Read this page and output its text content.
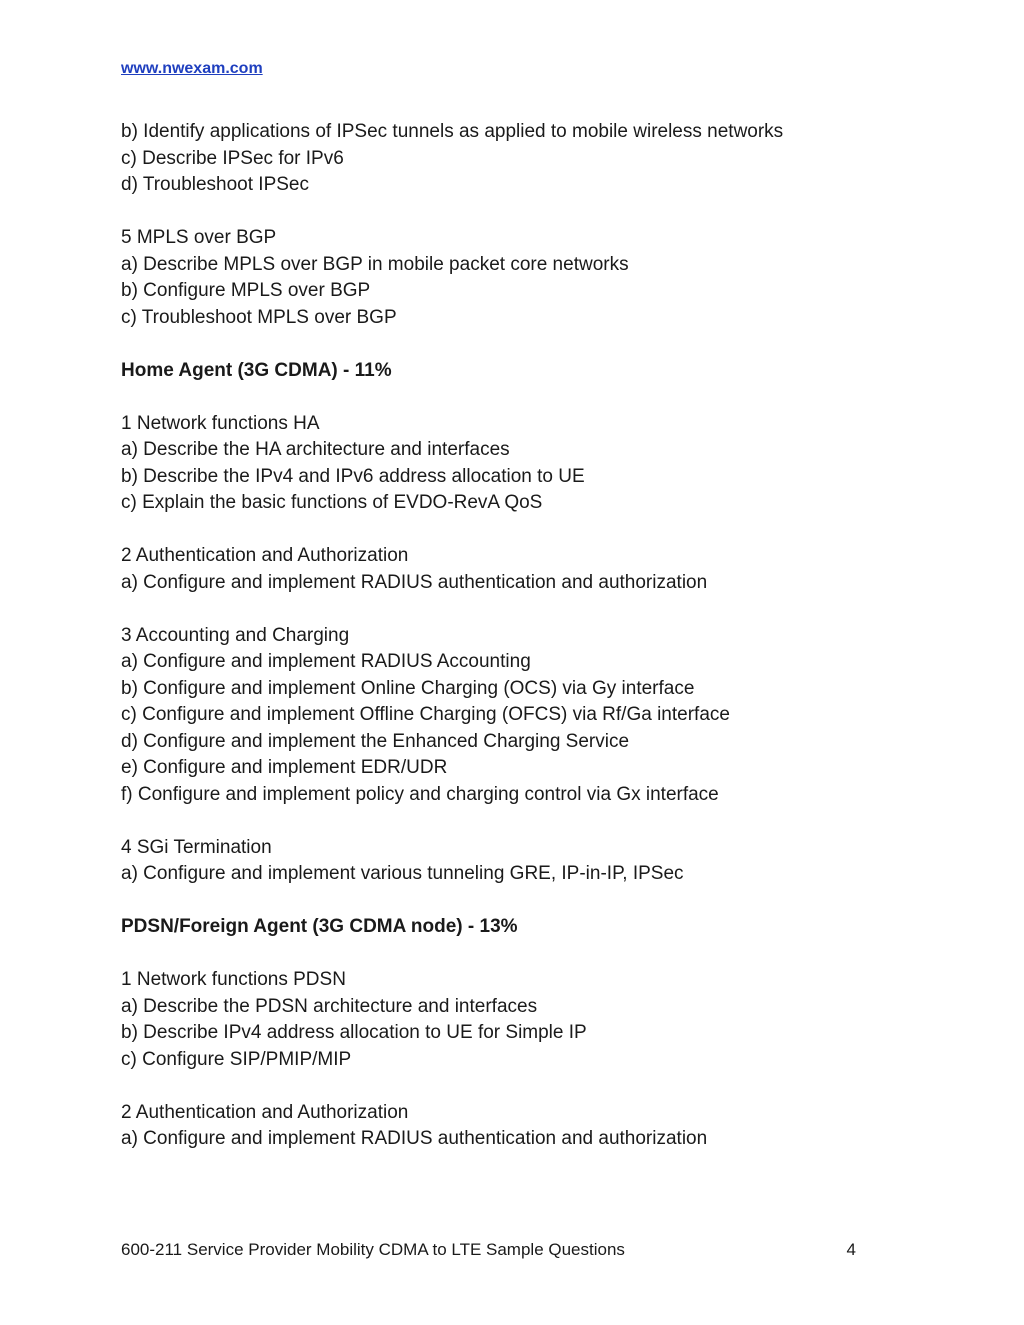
www.nwexam.com
b) Identify applications of IPSec tunnels as applied to mobile wireless networks
c) Describe IPSec for IPv6
d) Troubleshoot IPSec
5 MPLS over BGP
a) Describe MPLS over BGP in mobile packet core networks
b) Configure MPLS over BGP
c) Troubleshoot MPLS over BGP
Home Agent (3G CDMA) - 11%
1 Network functions HA
a) Describe the HA architecture and interfaces
b) Describe the IPv4 and IPv6 address allocation to UE
c) Explain the basic functions of EVDO-RevA QoS
2 Authentication and Authorization
a) Configure and implement RADIUS authentication and authorization
3 Accounting and Charging
a) Configure and implement RADIUS Accounting
b) Configure and implement Online Charging (OCS) via Gy interface
c) Configure and implement Offline Charging (OFCS) via Rf/Ga interface
d) Configure and implement the Enhanced Charging Service
e) Configure and implement EDR/UDR
f) Configure and implement policy and charging control via Gx interface
4 SGi Termination
a) Configure and implement various tunneling GRE, IP-in-IP, IPSec
PDSN/Foreign Agent (3G CDMA node) - 13%
1 Network functions PDSN
a) Describe the PDSN architecture and interfaces
b) Describe IPv4 address allocation to UE for Simple IP
c) Configure SIP/PMIP/MIP
2 Authentication and Authorization
a) Configure and implement RADIUS authentication and authorization
600-211 Service Provider Mobility CDMA to LTE Sample Questions	4
